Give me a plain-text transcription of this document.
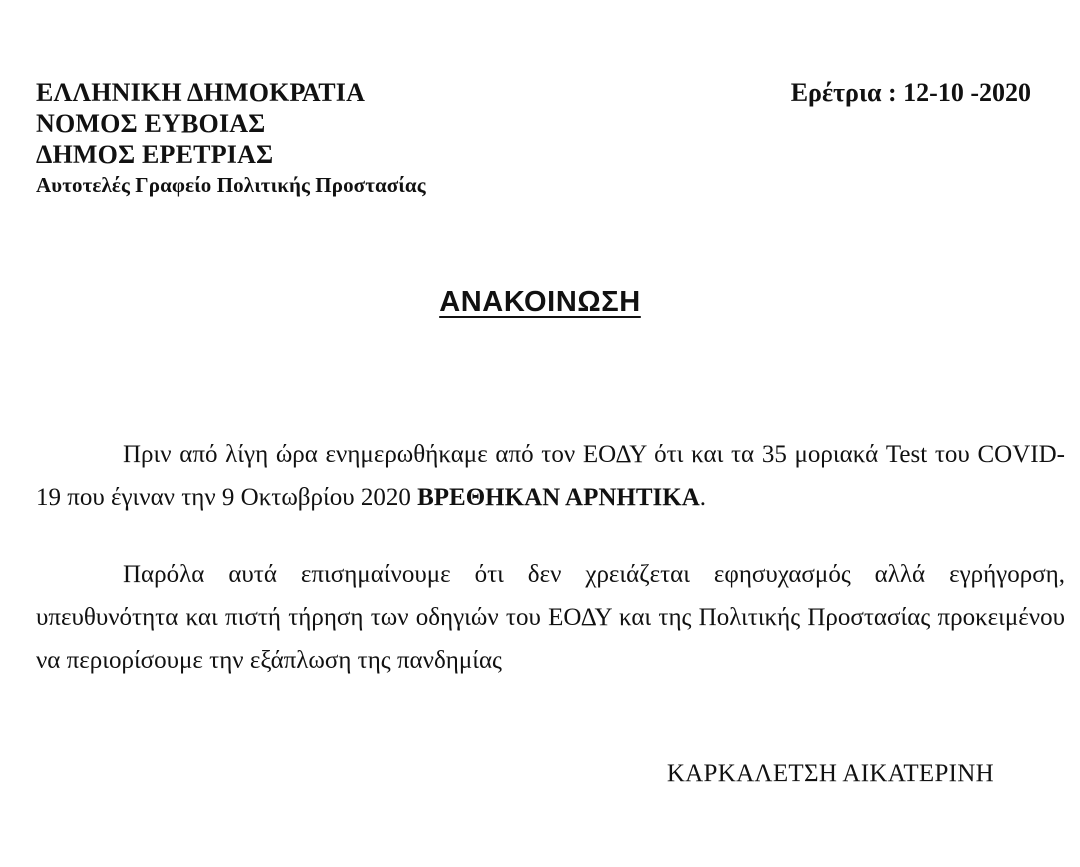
ΕΛΛΗΝΙΚΗ ΔΗΜΟΚΡΑΤΙΑ
ΝΟΜΟΣ ΕΥΒΟΙΑΣ
ΔΗΜΟΣ ΕΡΕΤΡΙΑΣ
Αυτοτελές Γραφείο Πολιτικής Προστασίας
Ερέτρια : 12-10 -2020
ΑΝΑΚΟΙΝΩΣΗ

Πριν από λίγη ώρα ενημερωθήκαμε από τον ΕΟΔΥ ότι και τα 35 μοριακά Test του COVID-19 που έγιναν την 9 Οκτωβρίου 2020 ΒΡΕΘΗΚΑΝ ΑΡΝΗΤΙΚΑ.

Παρόλα αυτά επισημαίνουμε ότι δεν χρειάζεται εφησυχασμός αλλά εγρήγορση, υπευθυνότητα και πιστή τήρηση των οδηγιών του ΕΟΔΥ και της Πολιτικής Προστασίας προκειμένου να περιορίσουμε την εξάπλωση της πανδημίας

ΚΑΡΚΑΛΕΤΣΗ ΑΙΚΑΤΕΡΙΝΗ
